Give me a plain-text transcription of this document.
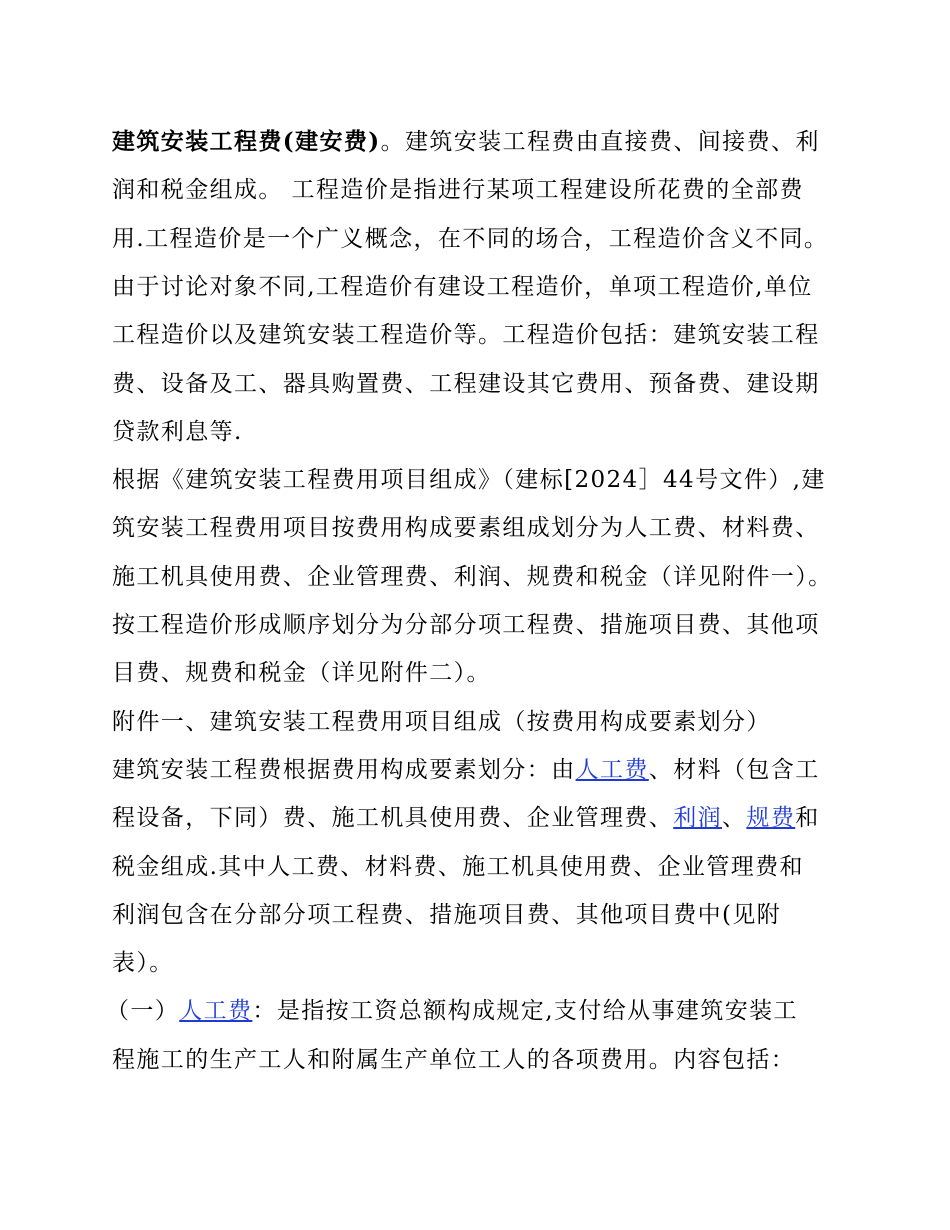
建筑安装工程费(建安费)。建筑安装工程费由直接费、间接费、利
润和税金组成。 工程造价是指进行某项工程建设所花费的全部费
用.工程造价是一个广义概念，在不同的场合，工程造价含义不同。
由于讨论对象不同,工程造价有建设工程造价，单项工程造价,单位
工程造价以及建筑安装工程造价等。工程造价包括：建筑安装工程
费、设备及工、器具购置费、工程建设其它费用、预备费、建设期
贷款利息等.
根据《建筑安装工程费用项目组成》（建标[2024］44号文件）,建
筑安装工程费用项目按费用构成要素组成划分为人工费、材料费、
施工机具使用费、企业管理费、利润、规费和税金（详见附件一）。
按工程造价形成顺序划分为分部分项工程费、措施项目费、其他项
目费、规费和税金（详见附件二）。
附件一、建筑安装工程费用项目组成（按费用构成要素划分）
建筑安装工程费根据费用构成要素划分：由人工费、材料（包含工
程设备，下同）费、施工机具使用费、企业管理费、利润、规费和
税金组成.其中人工费、材料费、施工机具使用费、企业管理费和
利润包含在分部分项工程费、措施项目费、其他项目费中(见附
表）。
（一）人工费：是指按工资总额构成规定,支付给从事建筑安装工
程施工的生产工人和附属生产单位工人的各项费用。内容包括：
